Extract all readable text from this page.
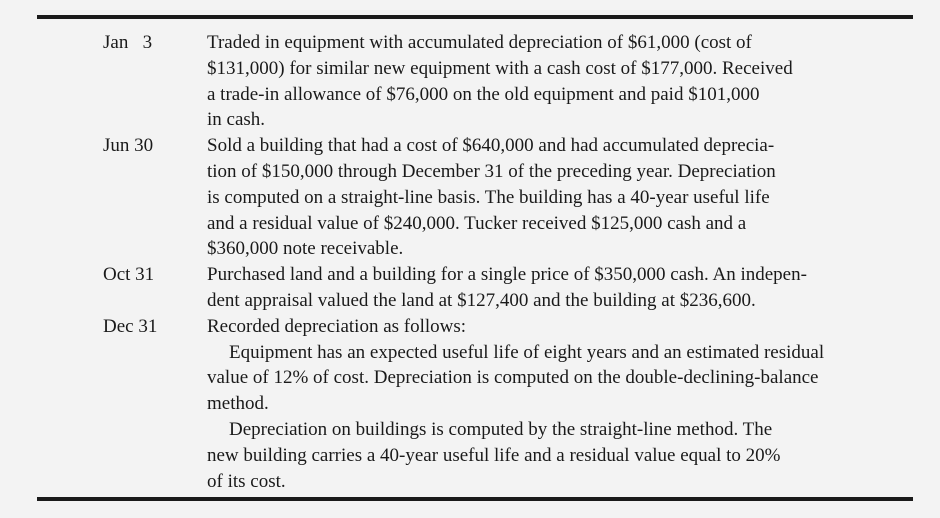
Jan   3	Traded in equipment with accumulated depreciation of $61,000 (cost of
$131,000) for similar new equipment with a cash cost of $177,000. Received
a trade-in allowance of $76,000 on the old equipment and paid $101,000
in cash.
Jun 30	Sold a building that had a cost of $640,000 and had accumulated deprecia-
tion of $150,000 through December 31 of the preceding year. Depreciation
is computed on a straight-line basis. The building has a 40-year useful life
and a residual value of $240,000. Tucker received $125,000 cash and a
$360,000 note receivable.
Oct 31	Purchased land and a building for a single price of $350,000 cash. An indepen-
dent appraisal valued the land at $127,400 and the building at $236,600.
Dec 31	Recorded depreciation as follows:
Equipment has an expected useful life of eight years and an estimated residual
value of 12% of cost. Depreciation is computed on the double-declining-balance
method.
Depreciation on buildings is computed by the straight-line method. The
new building carries a 40-year useful life and a residual value equal to 20%
of its cost.
